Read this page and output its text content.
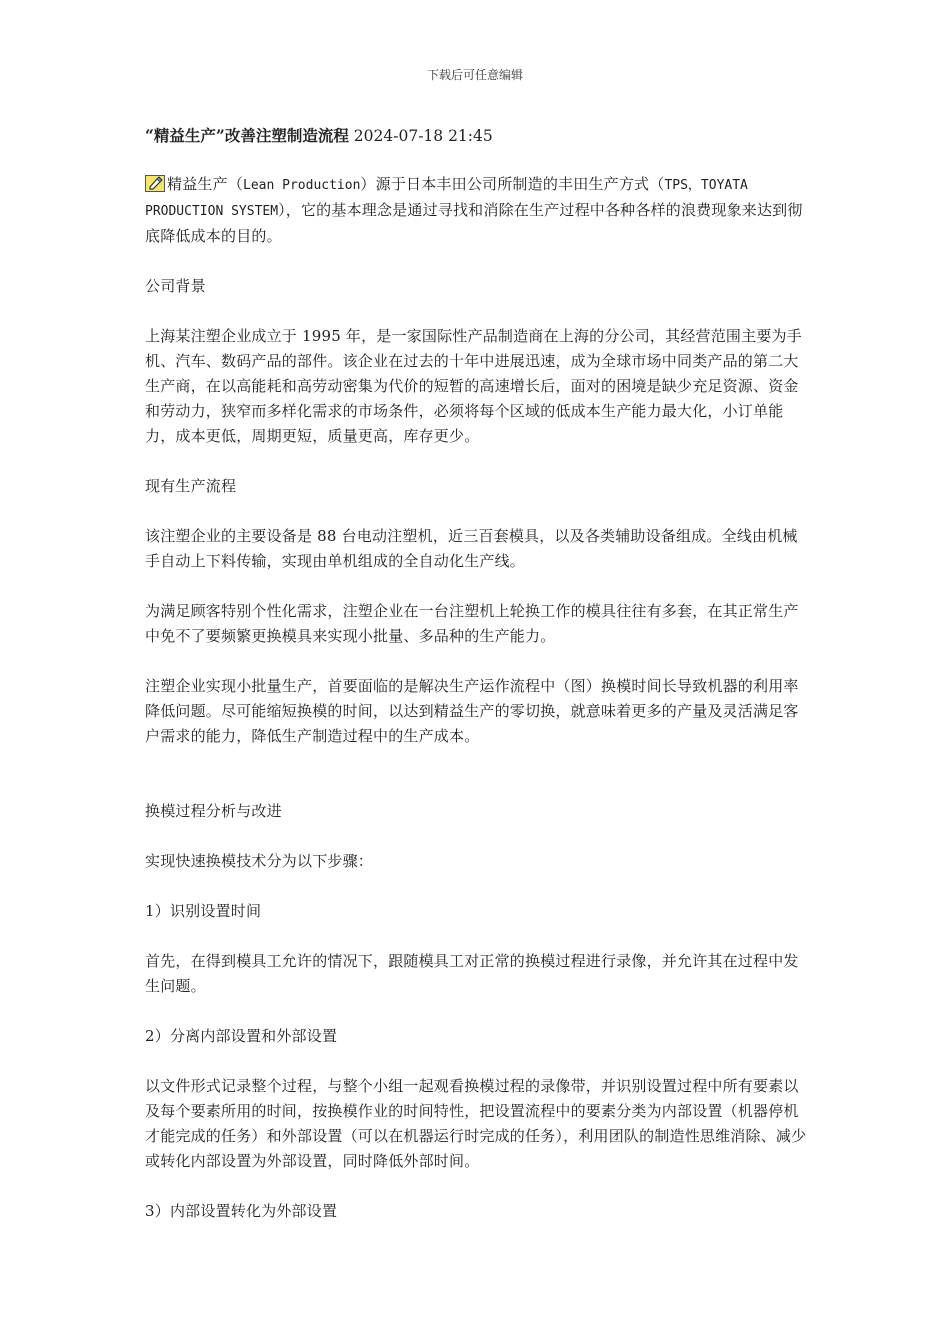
下载后可任意编辑
“精益生产”改善注塑制造流程 2024-07-18 21:45

精益生产（Lean Production）源于日本丰田公司所制造的丰田生产方式（TPS，TOYATA PRODUCTION SYSTEM），它的基本理念是通过寻找和消除在生产过程中各种各样的浪费现象来达到彻底降低成本的目的。

公司背景

上海某注塑企业成立于 1995 年，是一家国际性产品制造商在上海的分公司，其经营范围主要为手机、汽车、数码产品的部件。该企业在过去的十年中进展迅速，成为全球市场中同类产品的第二大生产商，在以高能耗和高劳动密集为代价的短暂的高速增长后，面对的困境是缺少充足资源、资金和劳动力，狭窄而多样化需求的市场条件，必须将每个区域的低成本生产能力最大化，小订单能力，成本更低，周期更短，质量更高，库存更少。

现有生产流程

该注塑企业的主要设备是 88 台电动注塑机，近三百套模具，以及各类辅助设备组成。全线由机械手自动上下料传输，实现由单机组成的全自动化生产线。

为满足顾客特别个性化需求，注塑企业在一台注塑机上轮换工作的模具往往有多套，在其正常生产中免不了要频繁更换模具来实现小批量、多品种的生产能力。

注塑企业实现小批量生产，首要面临的是解决生产运作流程中（图）换模时间长导致机器的利用率降低问题。尽可能缩短换模的时间，以达到精益生产的零切换，就意味着更多的产量及灵活满足客户需求的能力，降低生产制造过程中的生产成本。

换模过程分析与改进

实现快速换模技术分为以下步骤：

1）识别设置时间

首先，在得到模具工允许的情况下，跟随模具工对正常的换模过程进行录像，并允许其在过程中发生问题。

2）分离内部设置和外部设置

以文件形式记录整个过程，与整个小组一起观看换模过程的录像带，并识别设置过程中所有要素以及每个要素所用的时间，按换模作业的时间特性，把设置流程中的要素分类为内部设置（机器停机才能完成的任务）和外部设置（可以在机器运行时完成的任务），利用团队的制造性思维消除、减少或转化内部设置为外部设置，同时降低外部时间。

3）内部设置转化为外部设置
